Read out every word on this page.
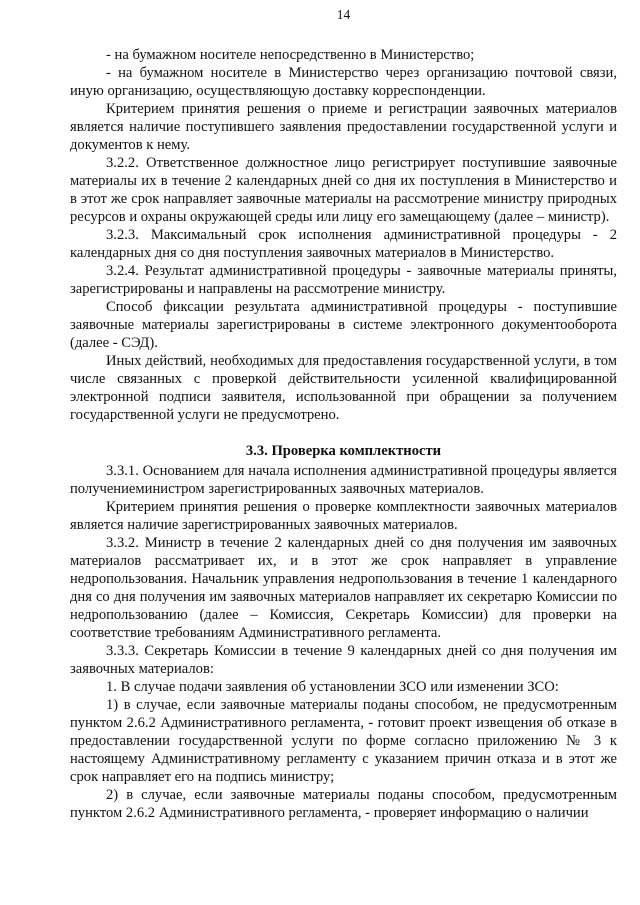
14

- на бумажном носителе непосредственно в Министерство;

- на бумажном носителе в Министерство через организацию почтовой связи, иную организацию, осуществляющую доставку корреспонденции.

Критерием принятия решения о приеме и регистрации заявочных материалов является наличие поступившего заявления предоставлении государственной услуги и документов к нему.

3.2.2. Ответственное должностное лицо регистрирует поступившие заявочные материалы их в течение 2 календарных дней со дня их поступления в Министерство и в этот же срок направляет заявочные материалы на рассмотрение министру природных ресурсов и охраны окружающей среды или лицу его замещающему (далее – министр).

3.2.3. Максимальный срок исполнения административной процедуры - 2 календарных дня со дня поступления заявочных материалов в Министерство.

3.2.4. Результат административной процедуры - заявочные материалы приняты, зарегистрированы и направлены на рассмотрение министру.

Способ фиксации результата административной процедуры - поступившие заявочные материалы зарегистрированы в системе электронного документооборота (далее - СЭД).

Иных действий, необходимых для предоставления государственной услуги, в том числе связанных с проверкой действительности усиленной квалифицированной электронной подписи заявителя, использованной при обращении за получением государственной услуги не предусмотрено.

3.3. Проверка комплектности

3.3.1. Основанием для начала исполнения административной процедуры является получениеминистром зарегистрированных заявочных материалов.

Критерием принятия решения о проверке комплектности заявочных материалов является наличие зарегистрированных заявочных материалов.

3.3.2. Министр в течение 2 календарных дней со дня получения им заявочных материалов рассматривает их, и в этот же срок направляет в управление недропользования. Начальник управления недропользования в течение 1 календарного дня со дня получения им заявочных материалов направляет их секретарю Комиссии по недропользованию (далее – Комиссия, Секретарь Комиссии) для проверки на соответствие требованиям Административного регламента.

3.3.3. Секретарь Комиссии в течение 9 календарных дней со дня получения им заявочных материалов:

1. В случае подачи заявления об установлении ЗСО или изменении ЗСО:

1) в случае, если заявочные материалы поданы способом, не предусмотренным пунктом 2.6.2 Административного регламента, - готовит проект извещения об отказе в предоставлении государственной услуги по форме согласно приложению № 3 к настоящему Административному регламенту с указанием причин отказа и в этот же срок направляет его на подпись министру;

2) в случае, если заявочные материалы поданы способом, предусмотренным пунктом 2.6.2 Административного регламента, - проверяет информацию о наличии
